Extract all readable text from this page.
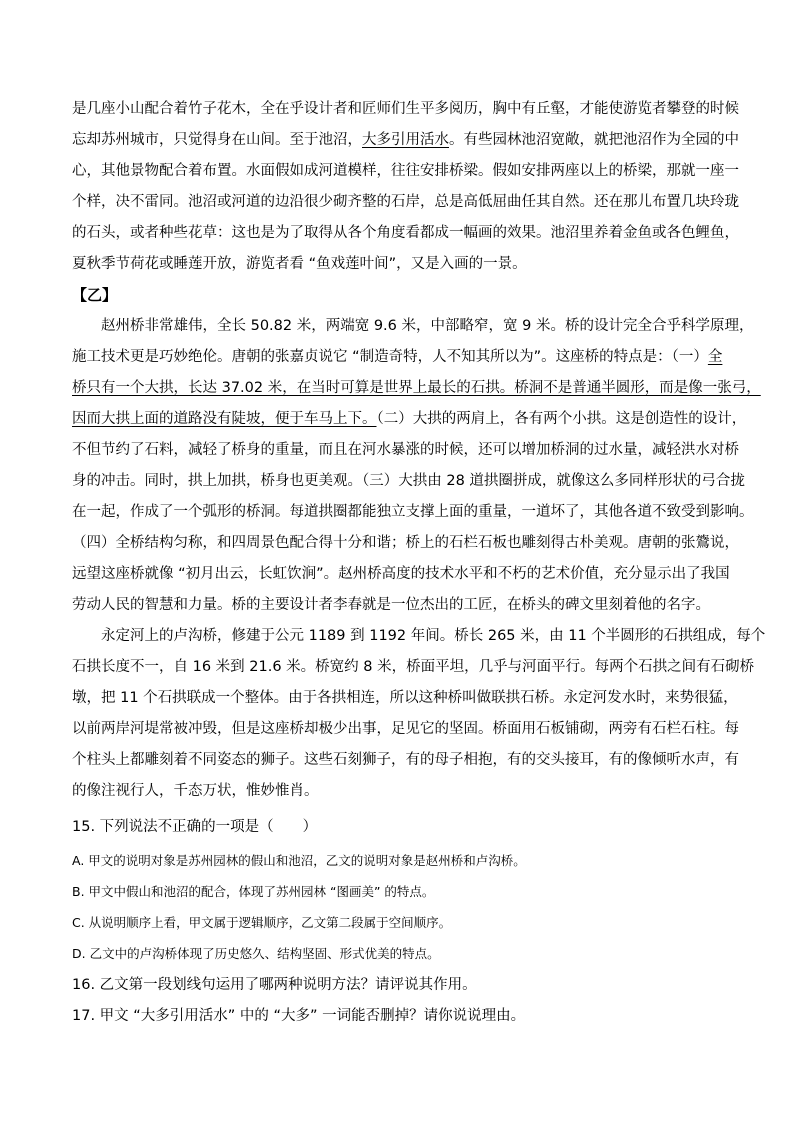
是几座小山配合着竹子花木，全在乎设计者和匠师们生平多阅历，胸中有丘壑，才能使游览者攀登的时候
忘却苏州城市，只觉得身在山间。至于池沼，大多引用活水。有些园林池沼宽敞，就把池沼作为全园的中
心，其他景物配合着布置。水面假如成河道模样，往往安排桥梁。假如安排两座以上的桥梁，那就一座一
个样，决不雷同。池沼或河道的边沿很少砌齐整的石岸，总是高低屈曲任其自然。还在那儿布置几块玲珑
的石头，或者种些花草：这也是为了取得从各个角度看都成一幅画的效果。池沼里养着金鱼或各色鲤鱼，
夏秋季节荷花或睡莲开放，游览者看 “鱼戏莲叶间”，又是入画的一景。
【乙】
赵州桥非常雄伟，全长 50.82 米，两端宽 9.6 米，中部略窄，宽 9 米。桥的设计完全合乎科学原理，
施工技术更是巧妙绝伦。唐朝的张嘉贞说它 “制造奇特，人不知其所以为”。这座桥的特点是：（一）全
桥只有一个大拱，长达 37.02 米，在当时可算是世界上最长的石拱。桥洞不是普通半圆形，而是像一张弓，
因而大拱上面的道路没有陡坡，便于车马上下。（二）大拱的两肩上，各有两个小拱。这是创造性的设计，
不但节约了石料，减轻了桥身的重量，而且在河水暴涨的时候，还可以增加桥洞的过水量，减轻洪水对桥
身的冲击。同时，拱上加拱，桥身也更美观。（三）大拱由 28 道拱圈拼成，就像这么多同样形状的弓合拢
在一起，作成了一个弧形的桥洞。每道拱圈都能独立支撑上面的重量，一道坏了，其他各道不致受到影响。
（四）全桥结构匀称，和四周景色配合得十分和谐；桥上的石栏石板也雕刻得古朴美观。唐朝的张鷟说，
远望这座桥就像 “初月出云，长虹饮涧”。赵州桥高度的技术水平和不朽的艺术价值，充分显示出了我国
劳动人民的智慧和力量。桥的主要设计者李春就是一位杰出的工匠，在桥头的碑文里刻着他的名字。
永定河上的卢沟桥，修建于公元 1189 到 1192 年间。桥长 265 米，由 11 个半圆形的石拱组成，每个
石拱长度不一，自 16 米到 21.6 米。桥宽约 8 米，桥面平坦，几乎与河面平行。每两个石拱之间有石砌桥
墩，把 11 个石拱联成一个整体。由于各拱相连，所以这种桥叫做联拱石桥。永定河发水时，来势很猛，
以前两岸河堤常被冲毁，但是这座桥却极少出事，足见它的坚固。桥面用石板铺砌，两旁有石栏石柱。每
个柱头上都雕刻着不同姿态的狮子。这些石刻狮子，有的母子相抱，有的交头接耳，有的像倾听水声，有
的像注视行人，千态万状，惟妙惟肖。
15. 下列说法不正确的一项是（　　）
A. 甲文的说明对象是苏州园林的假山和池沼，乙文的说明对象是赵州桥和卢沟桥。
B. 甲文中假山和池沼的配合，体现了苏州园林 “图画美” 的特点。
C. 从说明顺序上看，甲文属于逻辑顺序，乙文第二段属于空间顺序。
D. 乙文中的卢沟桥体现了历史悠久、结构坚固、形式优美的特点。
16. 乙文第一段划线句运用了哪两种说明方法？请评说其作用。
17. 甲文 “大多引用活水” 中的 “大多” 一词能否删掉？请你说说理由。
